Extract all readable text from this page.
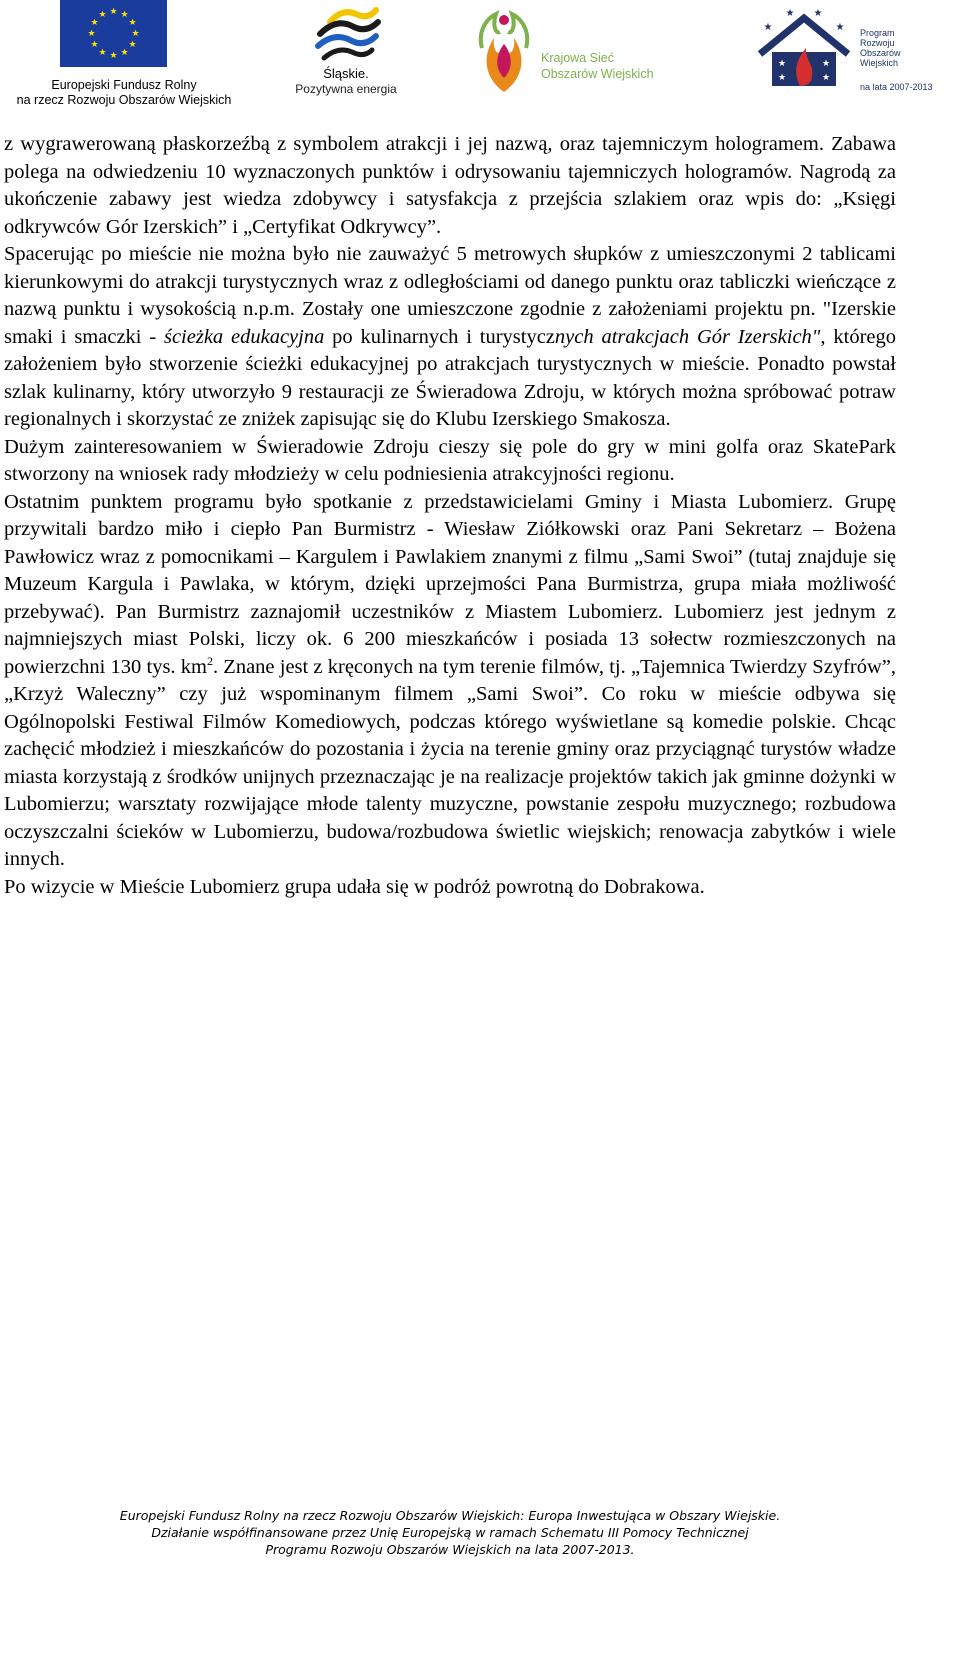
★ ★
★
★
★
★
★
★
★
★
★
★
Europejski Fundusz Rolny
na rzecz Rozwoju Obszarów Wiejskich
Śląskie.
Pozytywna energia
Krajowa Sieć
Obszarów Wiejskich
★	★
★	★
★	★
★ ★
Program
Rozwoju
Obszarów
Wiejskich
na lata 2007-2013

z wygrawerowaną płaskorzeźbą z symbolem atrakcji i jej nazwą, oraz tajemniczym hologramem. Zabawa polega na odwiedzeniu 10 wyznaczonych punktów i odrysowaniu tajemniczych hologramów. Nagrodą za ukończenie zabawy jest wiedza zdobywcy i satysfakcja z przejścia szlakiem oraz wpis do: „Księgi odkrywców Gór Izerskich” i „Certyfikat Odkrywcy”.

Spacerując po mieście nie można było nie zauważyć 5 metrowych słupków z umieszczonymi 2 tablicami kierunkowymi do atrakcji turystycznych wraz z odległościami od danego punktu oraz tabliczki wieńczące z nazwą punktu i wysokością n.p.m. Zostały one umieszczone zgodnie z założeniami projektu pn. "Izerskie smaki i smaczki - ścieżka edukacyjna po kulinarnych i turystycznych atrakcjach Gór Izerskich", którego założeniem było stworzenie ścieżki edukacyjnej po atrakcjach turystycznych w mieście. Ponadto powstał szlak kulinarny, który utworzyło 9 restauracji ze Świeradowa Zdroju, w których można spróbować potraw regionalnych i skorzystać ze zniżek zapisując się do Klubu Izerskiego Smakosza.

Dużym zainteresowaniem w Świeradowie Zdroju cieszy się pole do gry w mini golfa oraz SkatePark stworzony na wniosek rady młodzieży w celu podniesienia atrakcyjności regionu.

Ostatnim punktem programu było spotkanie z przedstawicielami Gminy i Miasta Lubomierz. Grupę przywitali bardzo miło i ciepło Pan Burmistrz - Wiesław Ziółkowski oraz Pani Sekretarz – Bożena Pawłowicz wraz z pomocnikami – Kargulem i Pawlakiem znanymi z filmu „Sami Swoi” (tutaj znajduje się Muzeum Kargula i Pawlaka, w którym, dzięki uprzejmości Pana Burmistrza, grupa miała możliwość przebywać). Pan Burmistrz zaznajomił uczestników z Miastem Lubomierz. Lubomierz jest jednym z najmniejszych miast Polski, liczy ok. 6 200 mieszkańców i posiada 13 sołectw rozmieszczonych na powierzchni 130 tys. $km^2$. Znane jest z kręconych na tym terenie filmów, tj. „Tajemnica Twierdzy Szyfrów”, „Krzyż Waleczny” czy już wspominanym filmem „Sami Swoi”. Co roku w mieście odbywa się Ogólnopolski Festiwal Filmów Komediowych, podczas którego wyświetlane są komedie polskie. Chcąc zachęcić młodzież i mieszkańców do pozostania i życia na terenie gminy oraz przyciągnąć turystów władze miasta korzystają z środków unijnych przeznaczając je na realizacje projektów takich jak gminne dożynki w Lubomierzu; warsztaty rozwijające młode talenty muzyczne, powstanie zespołu muzycznego; rozbudowa oczyszczalni ścieków w Lubomierzu, budowa/rozbudowa świetlic wiejskich; renowacja zabytków i wiele innych.

Po wizycie w Mieście Lubomierz grupa udała się w podróż powrotną do Dobrakowa.

Europejski Fundusz Rolny na rzecz Rozwoju Obszarów Wiejskich: Europa Inwestująca w Obszary Wiejskie.
Działanie współfinansowane przez Unię Europejską w ramach Schematu III Pomocy Technicznej
Programu Rozwoju Obszarów Wiejskich na lata 2007-2013.
